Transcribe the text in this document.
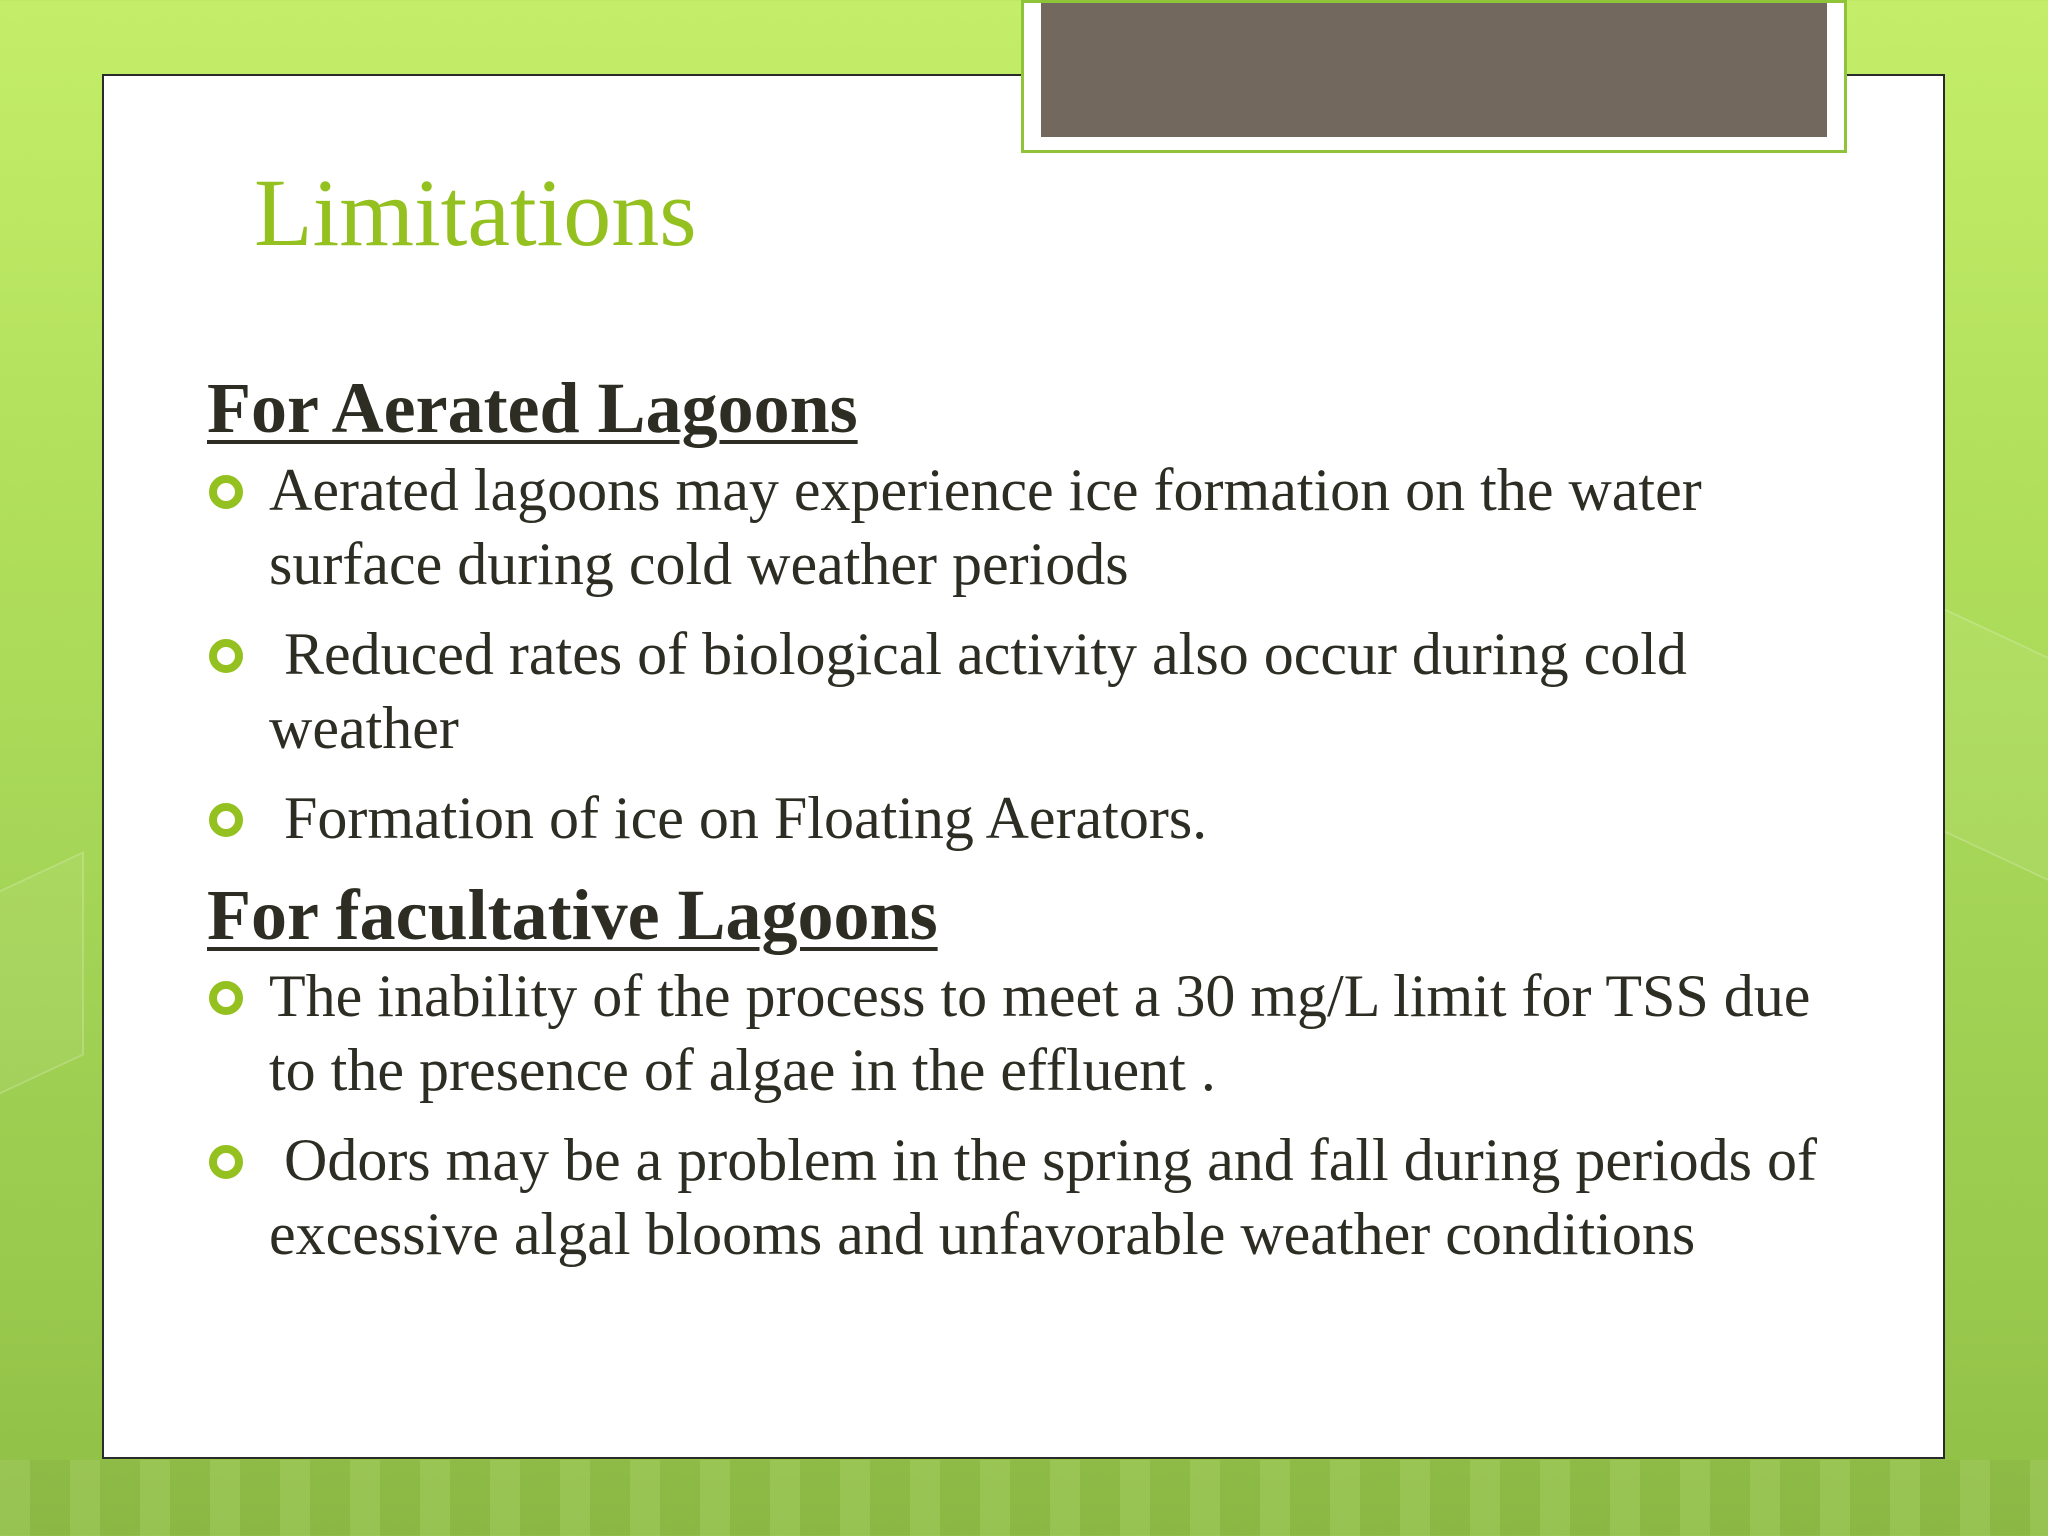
Limitations
For Aerated Lagoons
Aerated lagoons may experience ice formation on the water surface during cold weather periods
Reduced rates of biological activity also occur during cold weather
Formation of ice on Floating Aerators.
For facultative Lagoons
The inability of the process to meet a 30 mg/L limit for TSS due to the presence of algae in the effluent .
Odors may be a problem in the spring and fall during periods of excessive algal blooms and unfavorable weather conditions
